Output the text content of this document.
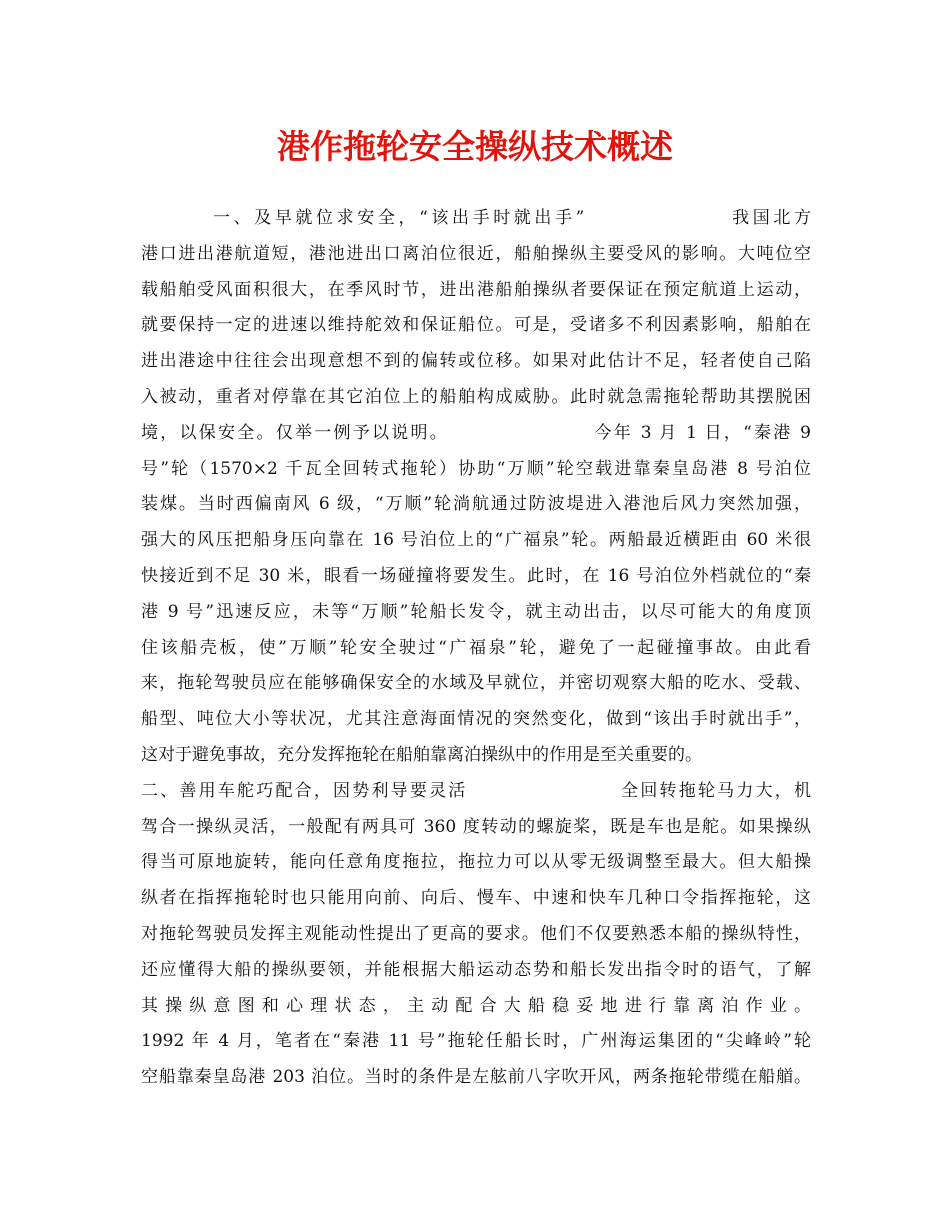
港作拖轮安全操纵技术概述
一、及早就位求安全，“该出手时就出手”　　　　　　　我国北方
港口进出港航道短，港池进出口离泊位很近，船舶操纵主要受风的影响。大吨位空
载船舶受风面积很大，在季风时节，进出港船舶操纵者要保证在预定航道上运动，
就要保持一定的进速以维持舵效和保证船位。可是，受诸多不利因素影响，船舶在
进出港途中往往会出现意想不到的偏转或位移。如果对此估计不足，轻者使自己陷
入被动，重者对停靠在其它泊位上的船舶构成威胁。此时就急需拖轮帮助其摆脱困
境，以保安全。仅举一例予以说明。　　　　　　　　今年 3 月 1 日，“秦港 9
号”轮（1570×2 千瓦全回转式拖轮）协助“万顺”轮空载进靠秦皇岛港 8 号泊位
装煤。当时西偏南风 6 级，“万顺”轮淌航通过防波堤进入港池后风力突然加强，
强大的风压把船身压向靠在 16 号泊位上的“广福泉”轮。两船最近横距由 60 米很
快接近到不足 30 米，眼看一场碰撞将要发生。此时，在 16 号泊位外档就位的“秦
港 9 号”迅速反应，未等“万顺”轮船长发令，就主动出击，以尽可能大的角度顶
住该船壳板，使”万顺”轮安全驶过“广福泉”轮，避免了一起碰撞事故。由此看
来，拖轮驾驶员应在能够确保安全的水域及早就位，并密切观察大船的吃水、受载、
船型、吨位大小等状况，尤其注意海面情况的突然变化，做到“该出手时就出手”，
这对于避免事故，充分发挥拖轮在船舶靠离泊操纵中的作用是至关重要的。
二、善用车舵巧配合，因势利导要灵活　　　　　　　　全回转拖轮马力大，机
驾合一操纵灵活，一般配有两具可 360 度转动的螺旋桨，既是车也是舵。如果操纵
得当可原地旋转，能向任意角度拖拉，拖拉力可以从零无级调整至最大。但大船操
纵者在指挥拖轮时也只能用向前、向后、慢车、中速和快车几种口令指挥拖轮，这
对拖轮驾驶员发挥主观能动性提出了更高的要求。他们不仅要熟悉本船的操纵特性，
还应懂得大船的操纵要领，并能根据大船运动态势和船长发出指令时的语气，了解
其操纵意图和心理状态，主动配合大船稳妥地进行靠离泊作业。
1992 年 4 月，笔者在“秦港 11 号”拖轮任船长时，广州海运集团的“尖峰岭”轮
空船靠秦皇岛港 203 泊位。当时的条件是左舷前八字吹开风，两条拖轮带缆在船艏。
